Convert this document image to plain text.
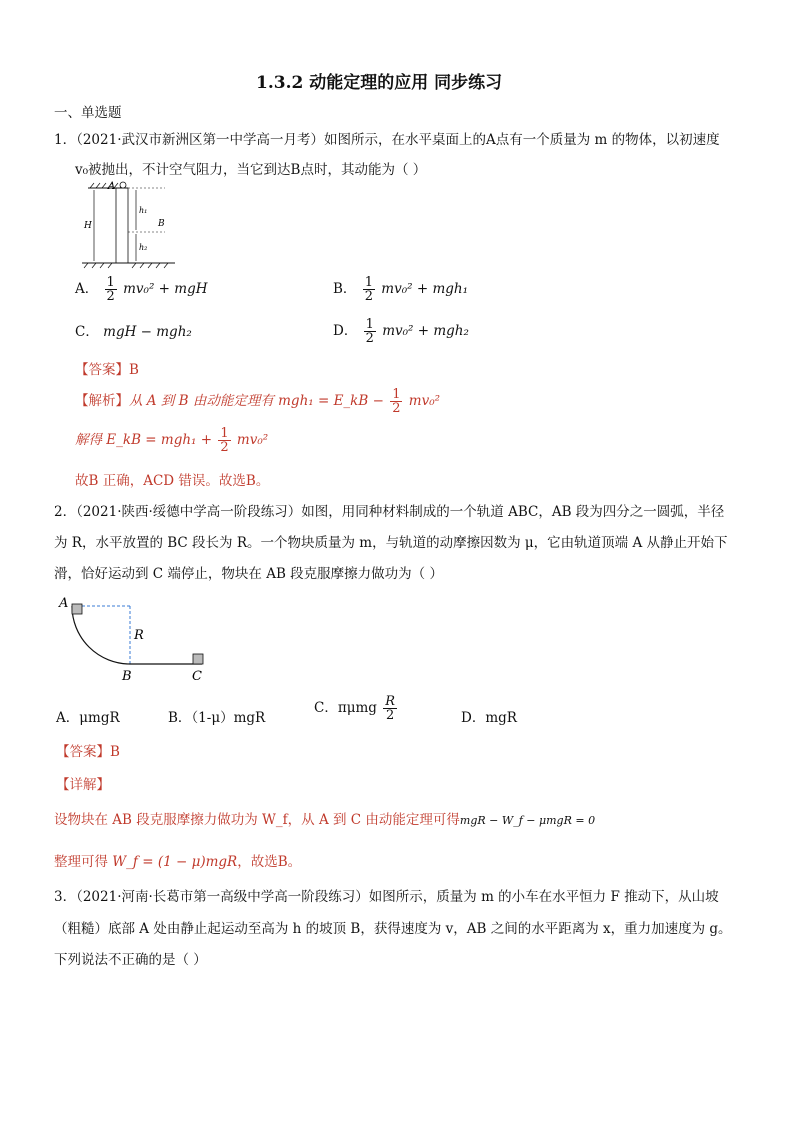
1.3.2 动能定理的应用 同步练习
一、单选题
1．（2021·武汉市新洲区第一中学高一月考）如图所示，在水平桌面上的A点有一个质量为 m 的物体，以初速度
v₀被抛出，不计空气阻力，当它到达B点时，其动能为（ ）
A
H
h₁
B
h₂
A． $\frac{1}{2} mv_0^2$ + mgH	B． $\frac{1}{2} mv_0^2 + mgh_1$
C． mgH − mgh₂	D． $\frac{1}{2} mv_0^2 + mgh_2$
【答案】B
【解析】从 A 到 B 由动能定理有 mgh₁ = E_kB − $\frac{1}{2} mv_0^2$
解得 E_kB = $mgh_1 + \frac{1}{2} mv_0^2$
故B 正确，ACD 错误。故选B。
2．（2021·陕西·绥德中学高一阶段练习）如图，用同种材料制成的一个轨道 ABC，AB 段为四分之一圆弧，半径
为 R，水平放置的 BC 段长为 R。一个物块质量为 m，与轨道的动摩擦因数为 μ，它由轨道顶端 A 从静止开始下
滑，恰好运动到 C 端停止，物块在 AB 段克服摩擦力做功为（ ）
A
R
B	C
A．μmgR	B．（1-μ）mgR
C．πμmg $\frac{R}{2}$	D．mgR
【答案】B
【详解】
设物块在 AB 段克服摩擦力做功为 W_f，从 A 到 C 由动能定理可得mgR − W_f − μmgR = 0
整理可得 W_f = (1 − μ)mgR，故选B。
3．（2021·河南·长葛市第一高级中学高一阶段练习）如图所示，质量为 m 的小车在水平恒力 F 推动下，从山坡
（粗糙）底部 A 处由静止起运动至高为 h 的坡顶 B，获得速度为 v，AB 之间的水平距离为 x，重力加速度为 g。
下列说法不正确的是（ ）
